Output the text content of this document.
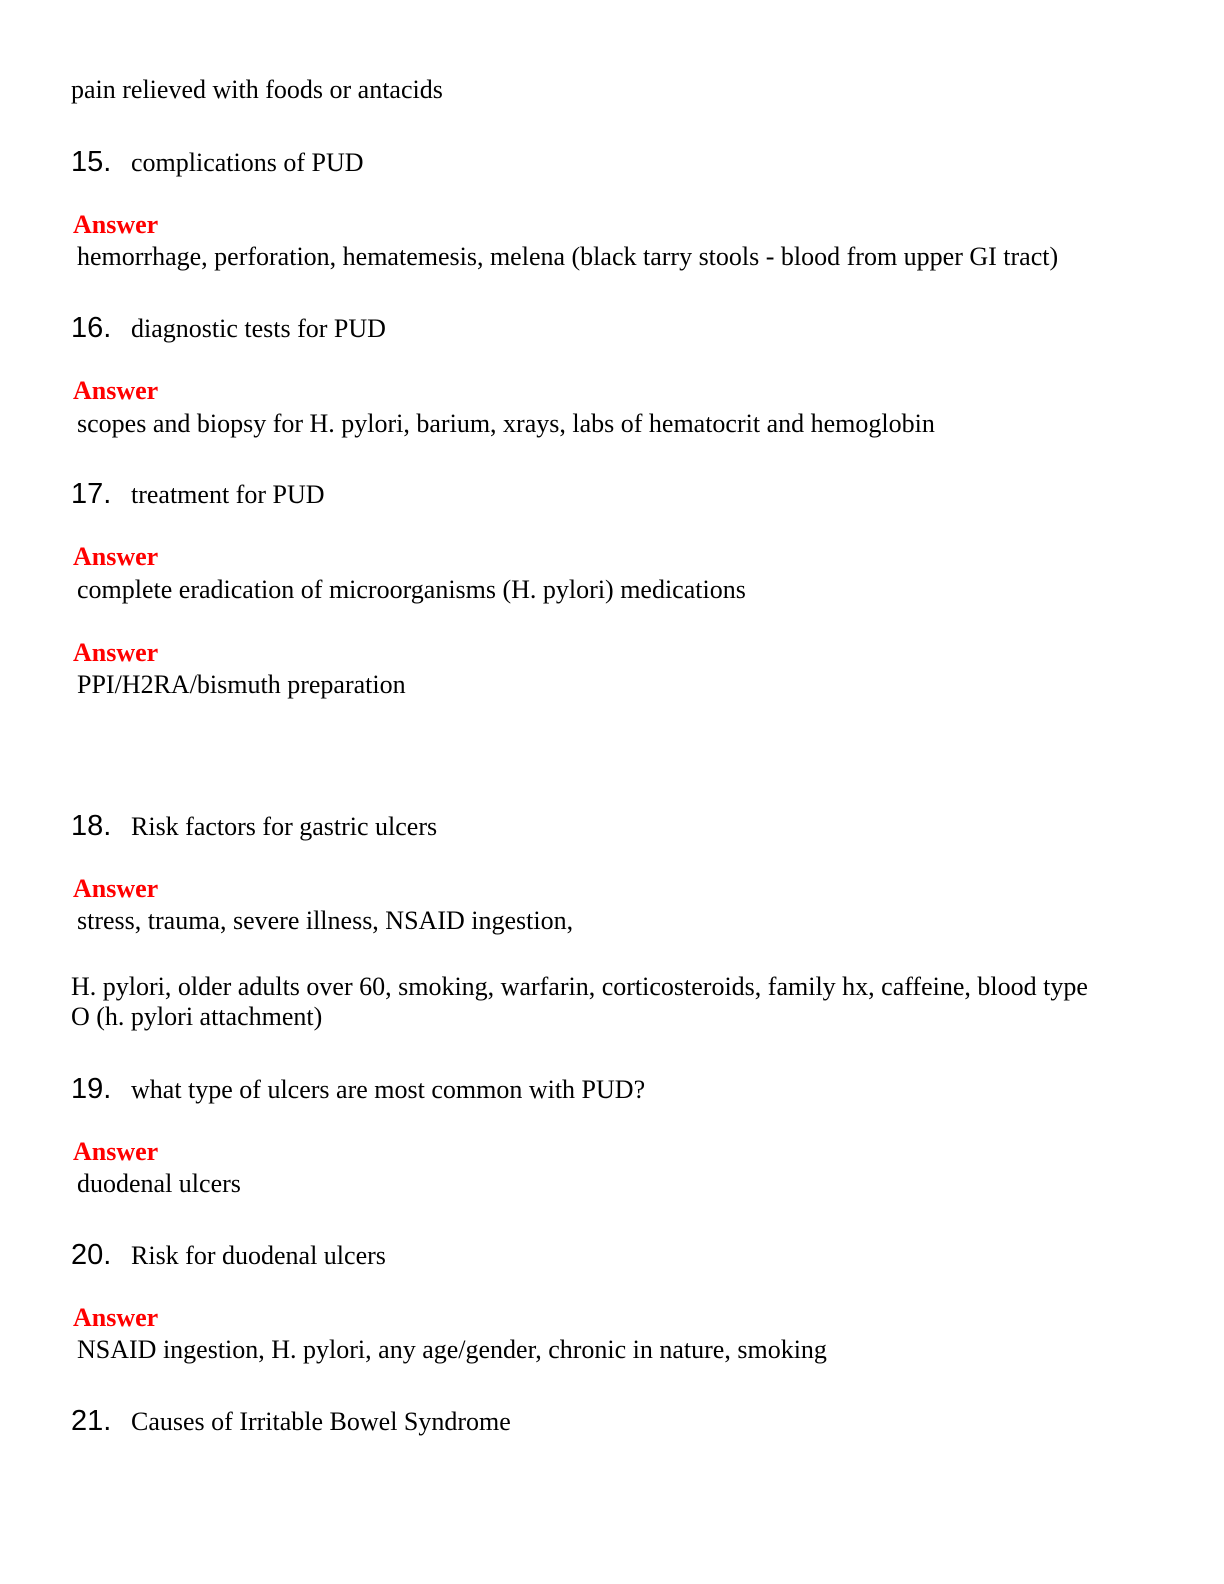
pain relieved with foods or antacids
15. complications of PUD
Answer
hemorrhage, perforation, hematemesis, melena (black tarry stools - blood from upper GI tract)
16. diagnostic tests for PUD
Answer
scopes and biopsy for H. pylori, barium, xrays, labs of hematocrit and hemoglobin
17. treatment for PUD
Answer
complete eradication of microorganisms (H. pylori) medications
Answer
PPI/H2RA/bismuth preparation
18. Risk factors for gastric ulcers
Answer
stress, trauma, severe illness, NSAID ingestion,
H. pylori, older adults over 60, smoking, warfarin, corticosteroids, family hx, caffeine, blood type
O (h. pylori attachment)
19. what type of ulcers are most common with PUD?
Answer
duodenal ulcers
20. Risk for duodenal ulcers
Answer
NSAID ingestion, H. pylori, any age/gender, chronic in nature, smoking
21. Causes of Irritable Bowel Syndrome
